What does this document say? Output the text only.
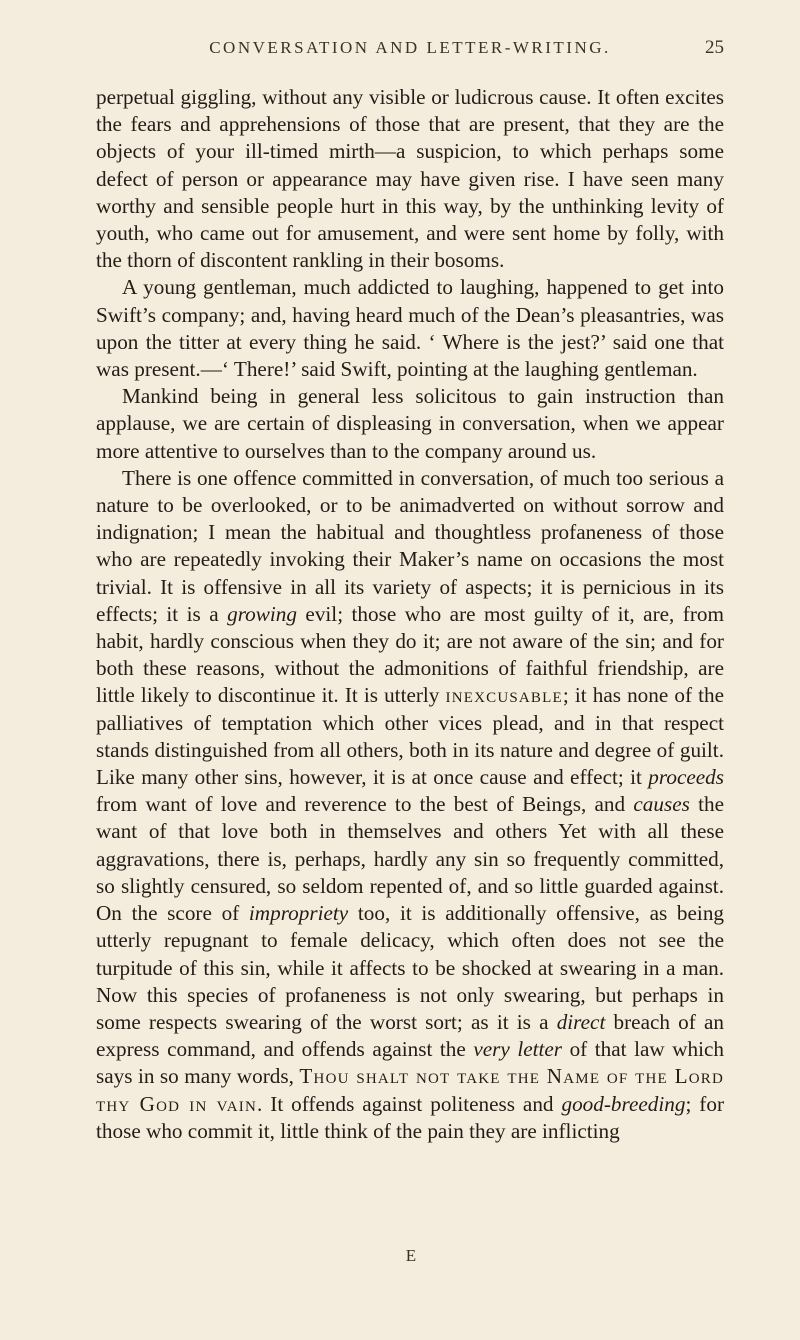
CONVERSATION AND LETTER-WRITING.	25

perpetual giggling, without any visible or ludicrous cause. It often excites the fears and apprehensions of those that are present, that they are the objects of your ill-timed mirth—a suspicion, to which perhaps some defect of person or appearance may have given rise. I have seen many worthy and sensible people hurt in this way, by the unthinking levity of youth, who came out for amusement, and were sent home by folly, with the thorn of discontent rankling in their bosoms.

A young gentleman, much addicted to laughing, happened to get into Swift’s company; and, having heard much of the Dean’s pleasantries, was upon the titter at every thing he said. ‘ Where is the jest?’ said one that was present.—‘ There!’ said Swift, pointing at the laughing gentleman.

Mankind being in general less solicitous to gain instruction than applause, we are certain of displeasing in conversation, when we appear more attentive to ourselves than to the company around us.

There is one offence committed in conversation, of much too serious a nature to be overlooked, or to be animadverted on without sorrow and indignation; I mean the habitual and thoughtless profaneness of those who are repeatedly invoking their Maker’s name on occasions the most trivial. It is offensive in all its variety of aspects; it is pernicious in its effects; it is a growing evil; those who are most guilty of it, are, from habit, hardly conscious when they do it; are not aware of the sin; and for both these reasons, without the admonitions of faithful friendship, are little likely to discontinue it. It is utterly inexcusable; it has none of the palliatives of temptation which other vices plead, and in that respect stands distinguished from all others, both in its nature and degree of guilt. Like many other sins, however, it is at once cause and effect; it proceeds from want of love and reverence to the best of Beings, and causes the want of that love both in themselves and others Yet with all these aggravations, there is, perhaps, hardly any sin so frequently committed, so slightly censured, so seldom repented of, and so little guarded against. On the score of impropriety too, it is additionally offensive, as being utterly repugnant to female delicacy, which often does not see the turpitude of this sin, while it affects to be shocked at swearing in a man. Now this species of profaneness is not only swearing, but perhaps in some respects swearing of the worst sort; as it is a direct breach of an express command, and offends against the very letter of that law which says in so many words, Thou shalt not take the Name of the Lord thy God in vain. It offends against politeness and good-breeding; for those who commit it, little think of the pain they are inflicting

E
